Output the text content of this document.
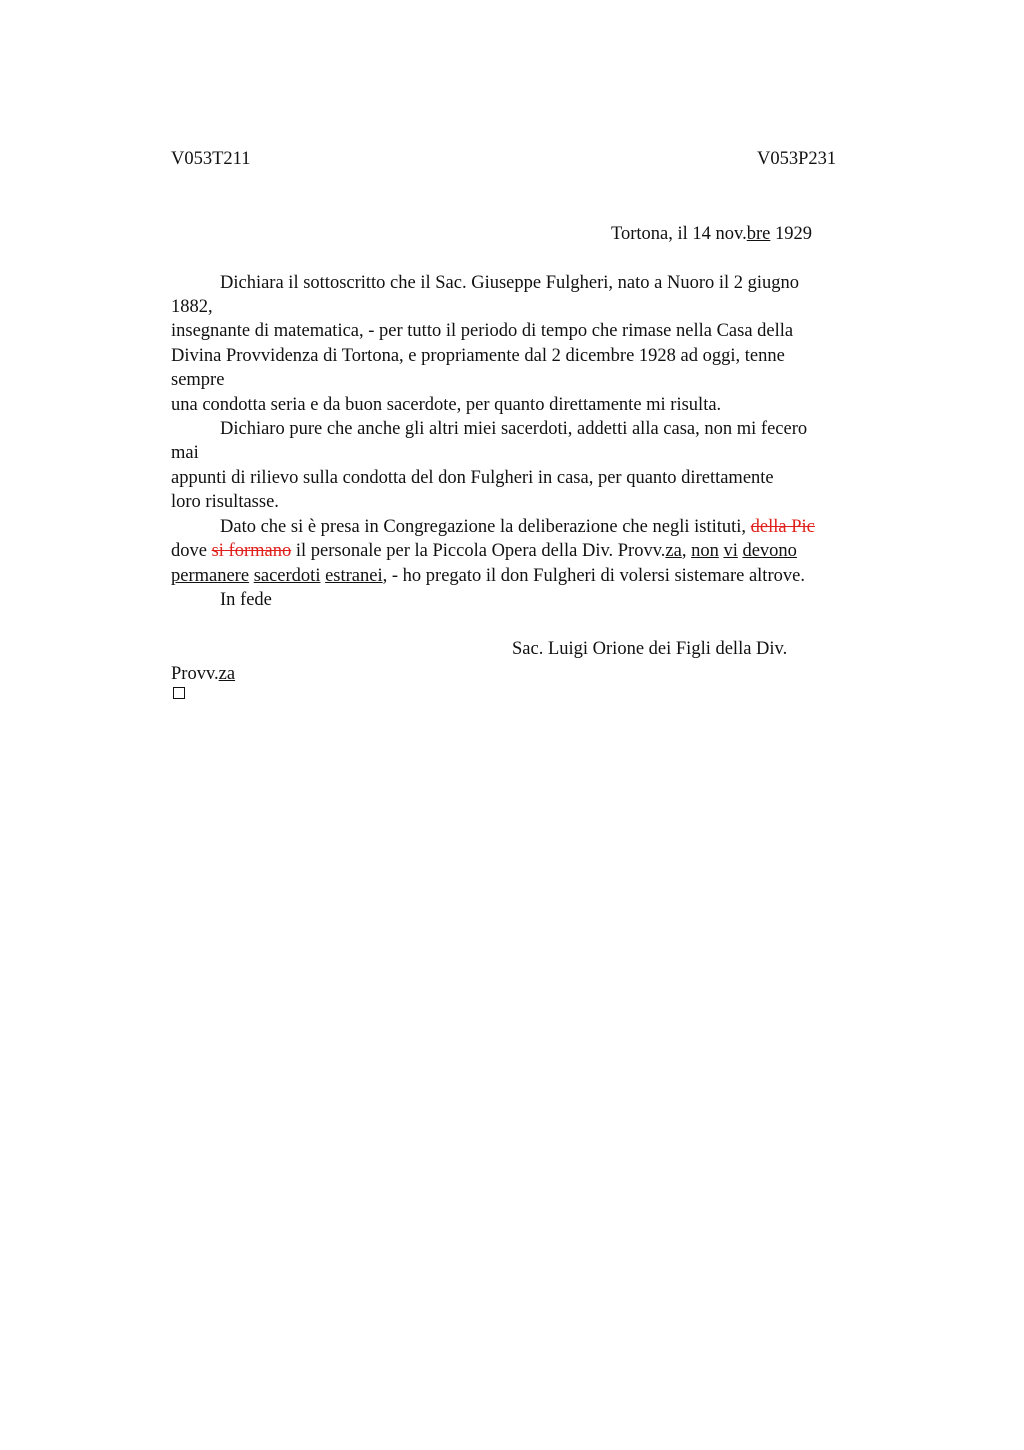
V053T211	V053P231
Tortona, il 14 nov.bre 1929
Dichiara il sottoscritto che il Sac. Giuseppe Fulgheri, nato a Nuoro il 2 giugno
1882,
insegnante di matematica, - per tutto il periodo di tempo che rimase nella Casa della
Divina Provvidenza di Tortona, e propriamente dal 2 dicembre 1928 ad oggi, tenne
sempre
una condotta seria e da buon sacerdote, per quanto direttamente mi risulta.
Dichiaro pure che anche gli altri miei sacerdoti, addetti alla casa, non mi fecero
mai
appunti di rilievo sulla condotta del don Fulgheri in casa, per quanto direttamente
loro risultasse.
Dato che si è presa in Congregazione la deliberazione che negli istituti, della Pic
dove si formano il personale per la Piccola Opera della Div. Provv.za, non vi devono
permanere sacerdoti estranei, - ho pregato il don Fulgheri di volersi sistemare altrove.
In fede
Sac. Luigi Orione dei Figli della Div.
Provv.za
